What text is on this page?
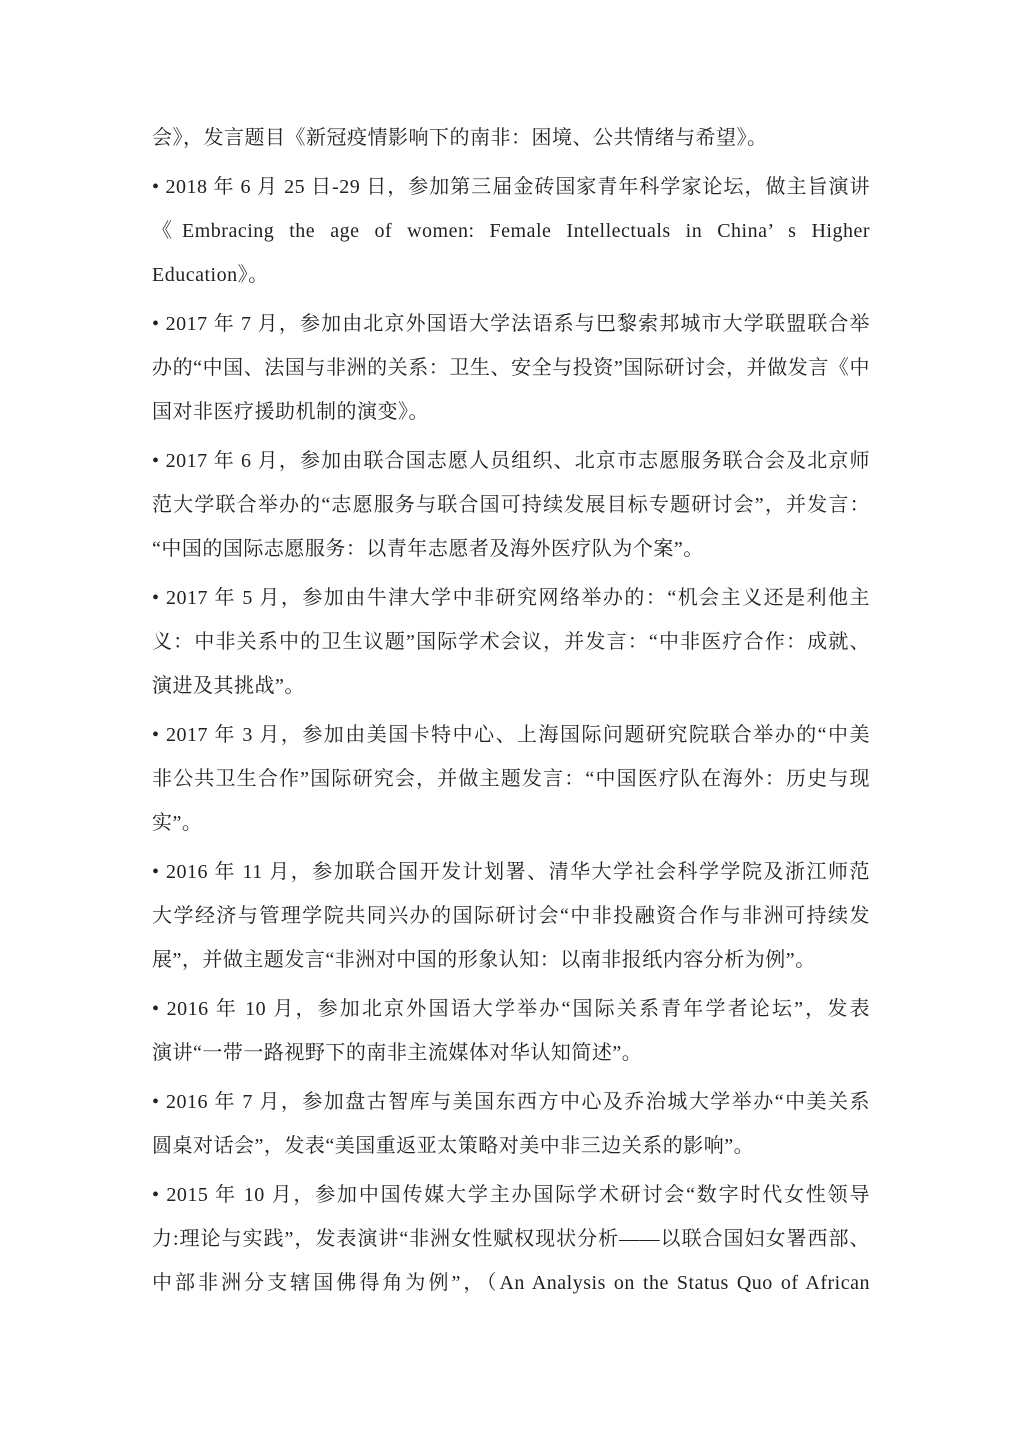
会》，发言题目《新冠疫情影响下的南非：困境、公共情绪与希望》。
• 2018 年 6 月 25 日-29 日，参加第三届金砖国家青年科学家论坛，做主旨演讲
《Embracing the age of women: Female Intellectuals in China’ s Higher
Education》。
• 2017 年 7 月，参加由北京外国语大学法语系与巴黎索邦城市大学联盟联合举
办的“中国、法国与非洲的关系：卫生、安全与投资”国际研讨会，并做发言《中
国对非医疗援助机制的演变》。
• 2017 年 6 月，参加由联合国志愿人员组织、北京市志愿服务联合会及北京师
范大学联合举办的“志愿服务与联合国可持续发展目标专题研讨会”，并发言：
“中国的国际志愿服务：以青年志愿者及海外医疗队为个案”。
• 2017 年 5 月，参加由牛津大学中非研究网络举办的：“机会主义还是利他主
义：中非关系中的卫生议题”国际学术会议，并发言：“中非医疗合作：成就、
演进及其挑战”。
• 2017 年 3 月，参加由美国卡特中心、上海国际问题研究院联合举办的“中美
非公共卫生合作”国际研究会，并做主题发言：“中国医疗队在海外：历史与现
实”。
• 2016 年 11 月，参加联合国开发计划署、清华大学社会科学学院及浙江师范
大学经济与管理学院共同兴办的国际研讨会“中非投融资合作与非洲可持续发
展”，并做主题发言“非洲对中国的形象认知：以南非报纸内容分析为例”。
• 2016 年 10 月，参加北京外国语大学举办“国际关系青年学者论坛”，发表
演讲“一带一路视野下的南非主流媒体对华认知简述”。
• 2016 年 7 月，参加盘古智库与美国东西方中心及乔治城大学举办“中美关系
圆桌对话会”，发表“美国重返亚太策略对美中非三边关系的影响”。
• 2015 年 10 月，参加中国传媒大学主办国际学术研讨会“数字时代女性领导
力:理论与实践”，发表演讲“非洲女性赋权现状分析——以联合国妇女署西部、
中部非洲分支辖国佛得角为例”，（An Analysis on the Status Quo of African
